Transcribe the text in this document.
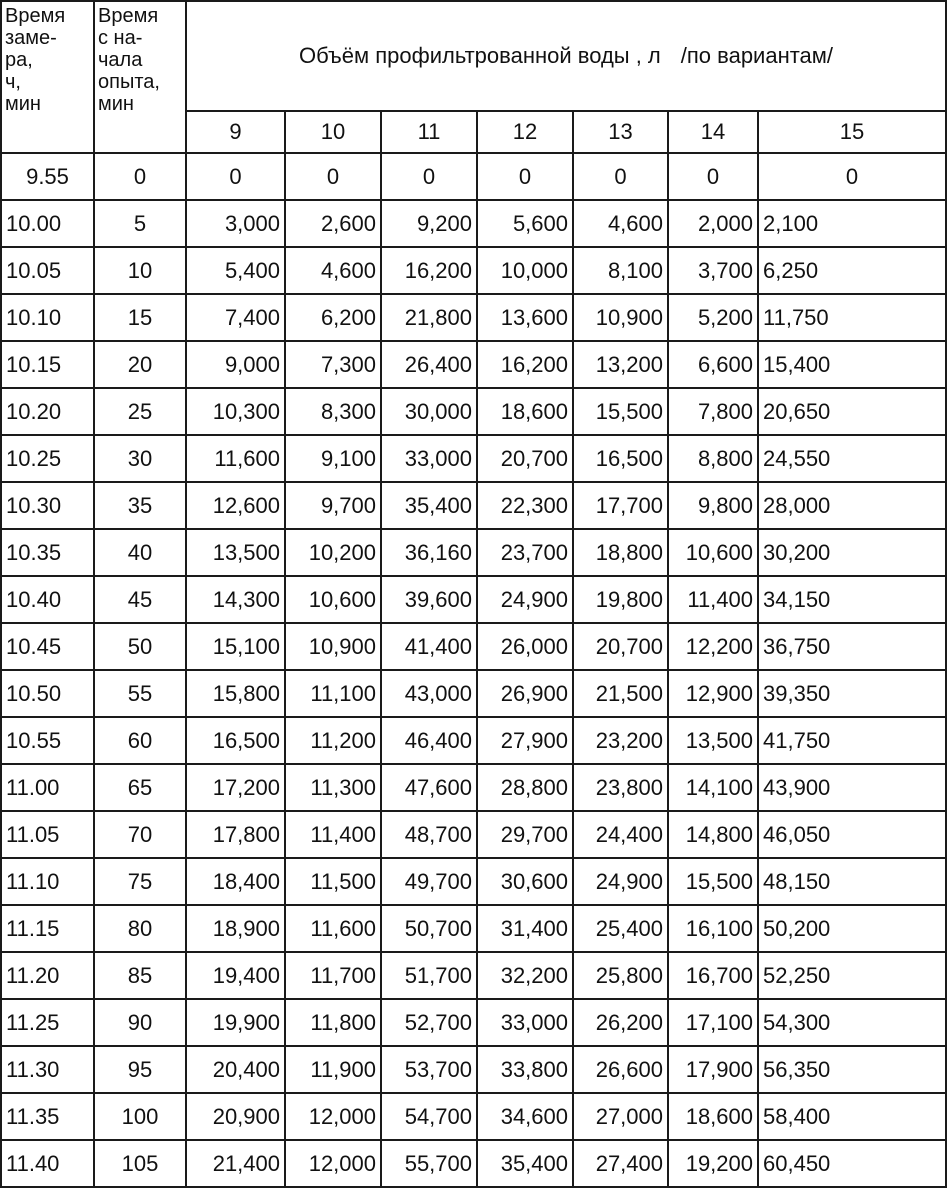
Время
заме-
ра,
ч,
мин	Время
с на-
чала
опыта,
мин	Объём профильтрованной воды , л /по вариантам/						
		9	10	11	12	13	14	15
9.55	0	0	0	0	0	0	0	0
10.00	5	3,000	2,600	9,200	5,600	4,600	2,000	2,100
10.05	10	5,400	4,600	16,200	10,000	8,100	3,700	6,250
10.10	15	7,400	6,200	21,800	13,600	10,900	5,200	11,750
10.15	20	9,000	7,300	26,400	16,200	13,200	6,600	15,400
10.20	25	10,300	8,300	30,000	18,600	15,500	7,800	20,650
10.25	30	11,600	9,100	33,000	20,700	16,500	8,800	24,550
10.30	35	12,600	9,700	35,400	22,300	17,700	9,800	28,000
10.35	40	13,500	10,200	36,160	23,700	18,800	10,600	30,200
10.40	45	14,300	10,600	39,600	24,900	19,800	11,400	34,150
10.45	50	15,100	10,900	41,400	26,000	20,700	12,200	36,750
10.50	55	15,800	11,100	43,000	26,900	21,500	12,900	39,350
10.55	60	16,500	11,200	46,400	27,900	23,200	13,500	41,750
11.00	65	17,200	11,300	47,600	28,800	23,800	14,100	43,900
11.05	70	17,800	11,400	48,700	29,700	24,400	14,800	46,050
11.10	75	18,400	11,500	49,700	30,600	24,900	15,500	48,150
11.15	80	18,900	11,600	50,700	31,400	25,400	16,100	50,200
11.20	85	19,400	11,700	51,700	32,200	25,800	16,700	52,250
11.25	90	19,900	11,800	52,700	33,000	26,200	17,100	54,300
11.30	95	20,400	11,900	53,700	33,800	26,600	17,900	56,350
11.35	100	20,900	12,000	54,700	34,600	27,000	18,600	58,400
11.40	105	21,400	12,000	55,700	35,400	27,400	19,200	60,450
